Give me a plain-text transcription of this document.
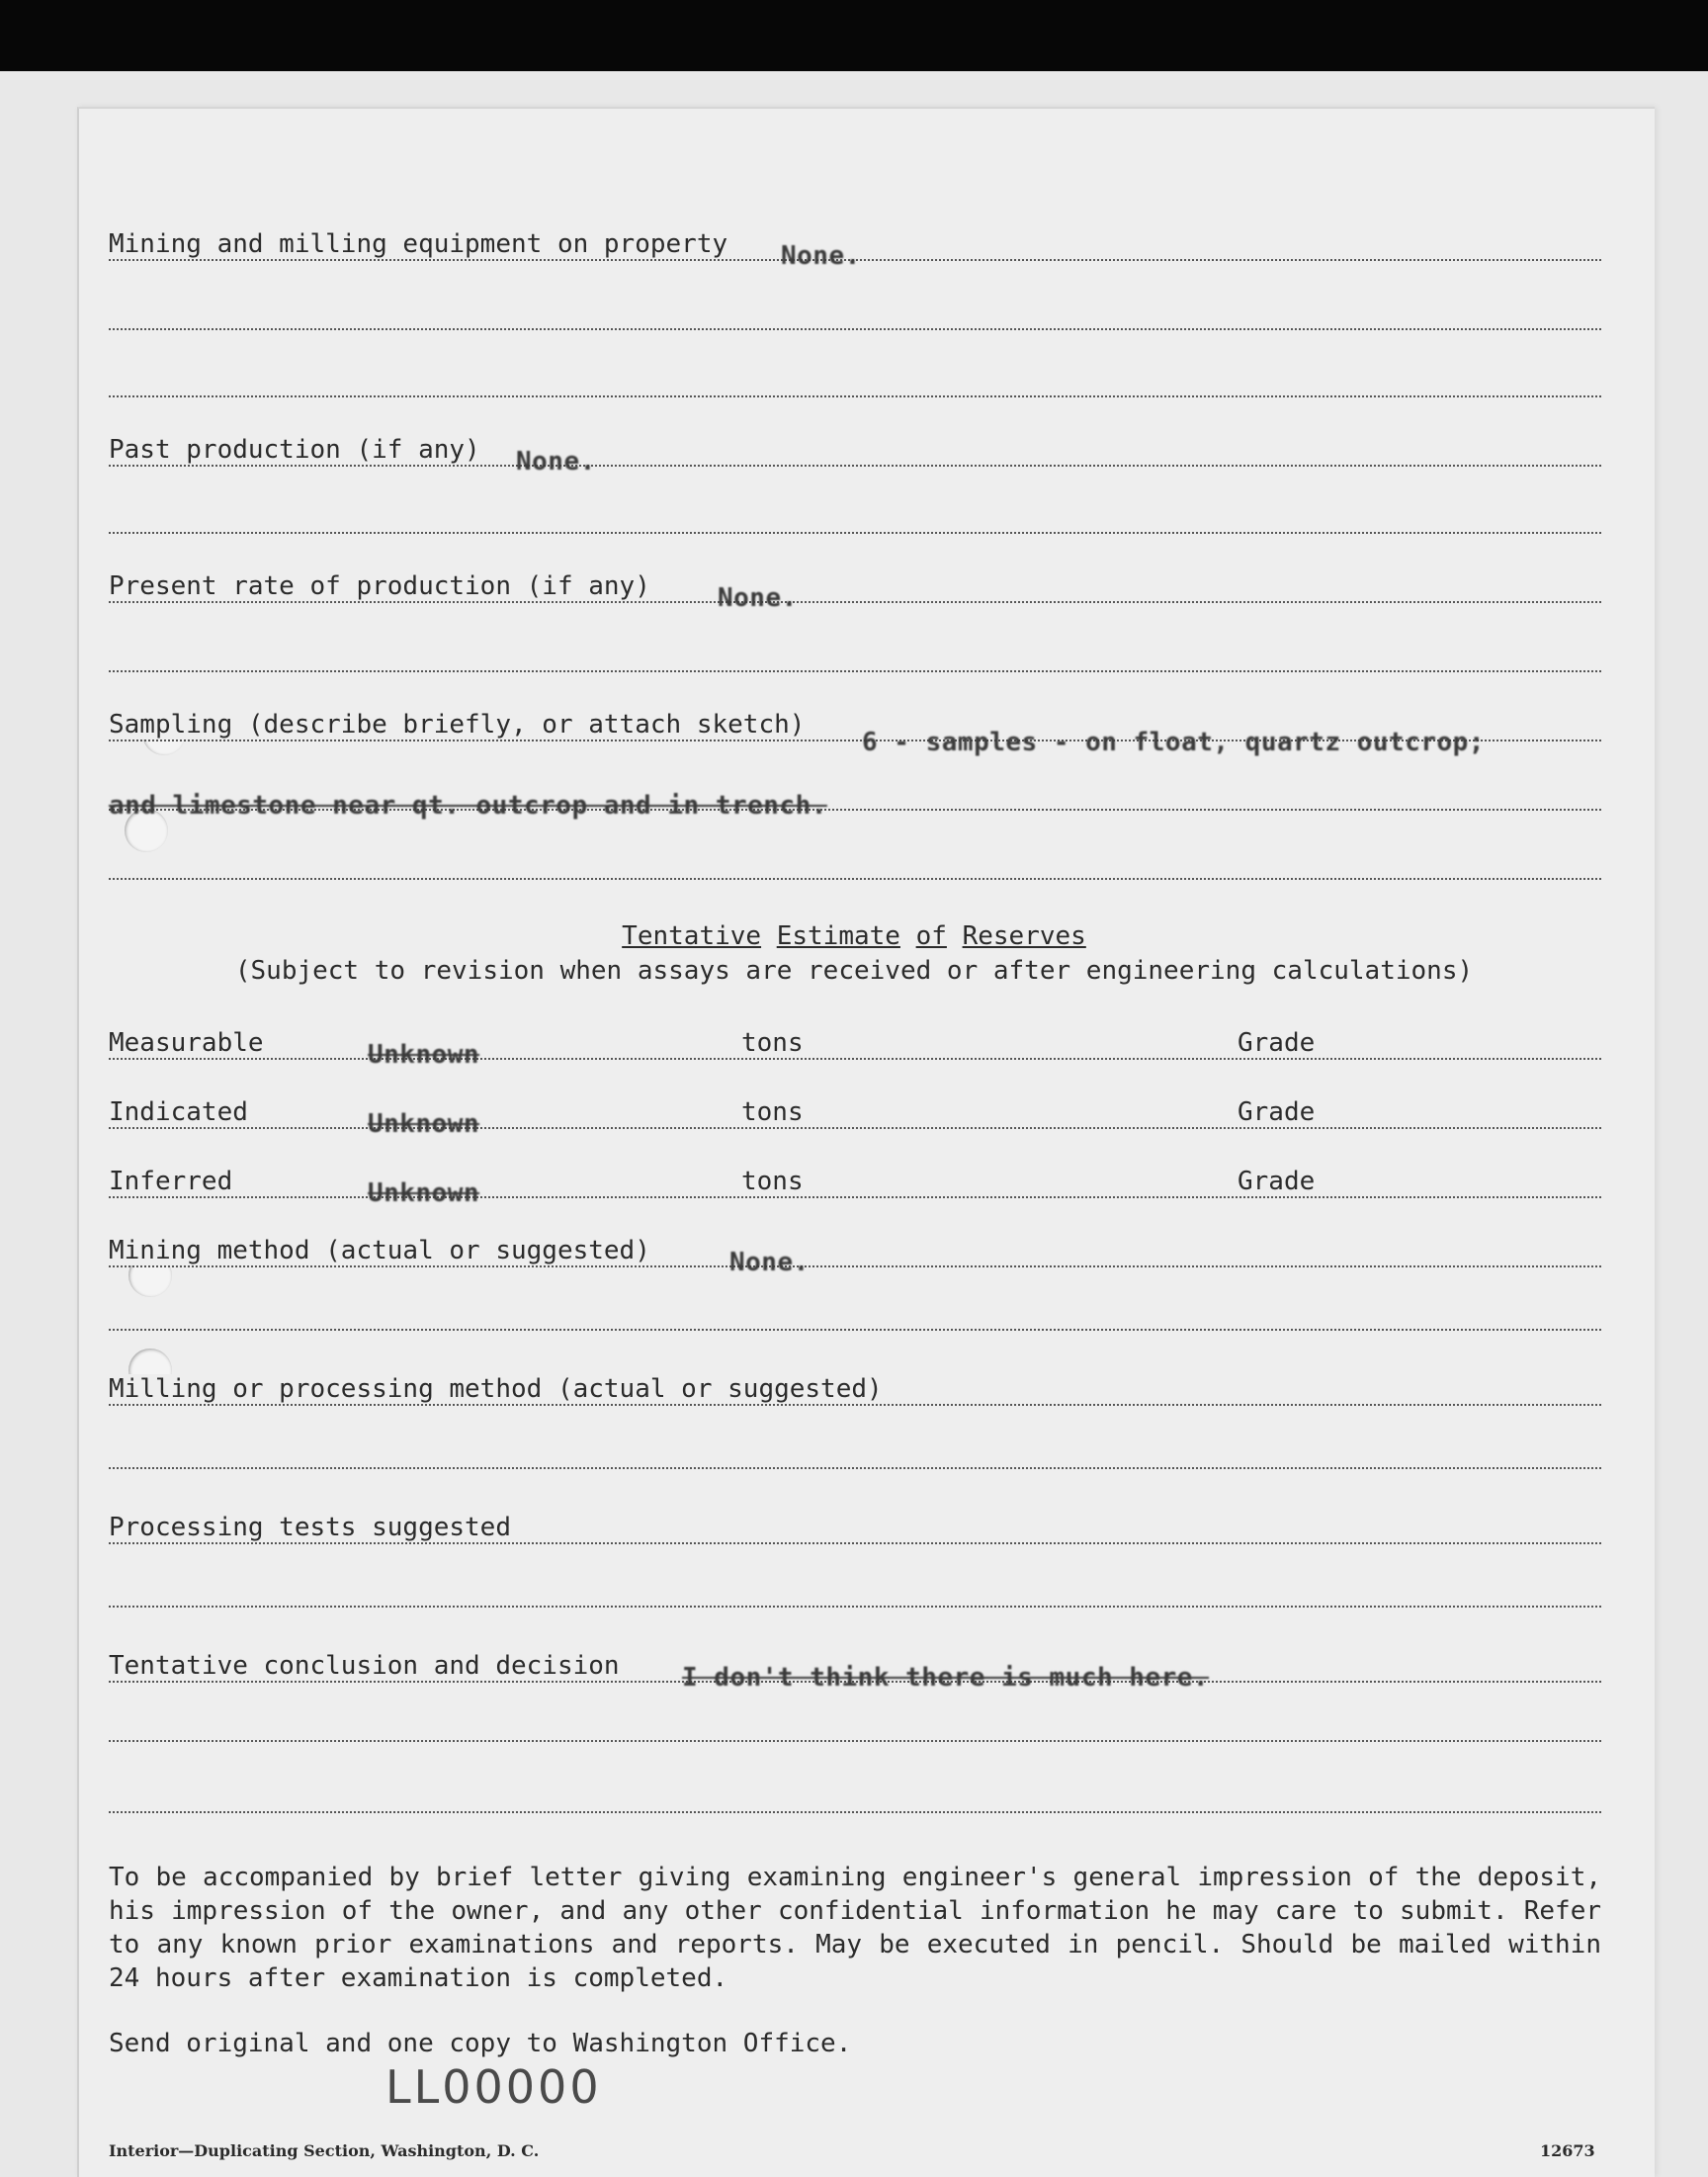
Mining and milling equipment on property None.
Past production (if any) None.
Present rate of production (if any)	None.
Sampling (describe briefly, or attach sketch)
6 - samples - on float, quartz outcrop;
and limestone near qt. outcrop and in trench.
Tentative Estimate of Reserves
(Subject to revision when assays are received or after engineering calculations)
Measurable	Unknown	tons	Grade
Indicated	Unknown	tons	Grade
Inferred	Unknown	tons	Grade
Mining method (actual or suggested)	None.
Milling or processing method (actual or suggested)
Processing tests suggested
Tentative conclusion and decision I don't think there is much here.
To be accompanied by brief letter giving examining engineer's general impression of the deposit, his impression of the owner, and any other confidential information he may care to submit. Refer to any known prior examinations and reports. May be executed in pencil. Should be mailed within 24 hours after examination is completed.
Send original and one copy to Washington Office.
LL00000
Interior—Duplicating Section, Washington, D. C.	12673
